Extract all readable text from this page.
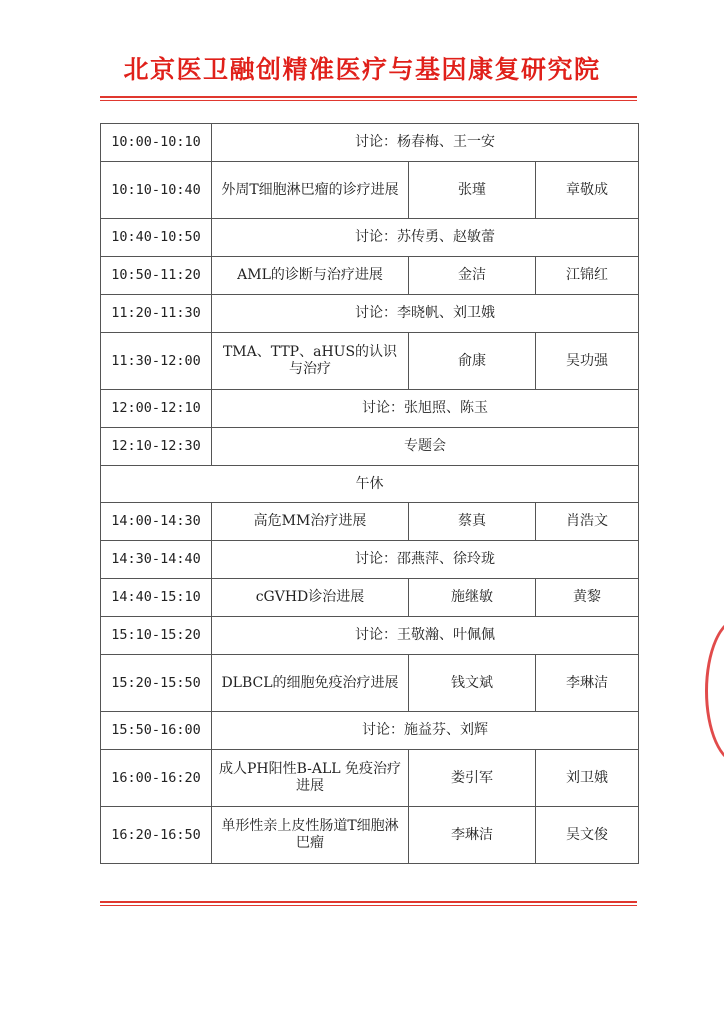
北京医卫融创精准医疗与基因康复研究院
10:00-10:10	讨论：杨春梅、王一安		
10:10-10:40	外周T细胞淋巴瘤的诊疗进展	张瑾	章敬成
10:40-10:50	讨论：苏传勇、赵敏蕾		
10:50-11:20	AML的诊断与治疗进展	金洁	江锦红
11:20-11:30	讨论：李晓帆、刘卫娥		
11:30-12:00	TMA、TTP、aHUS的认识与治疗	俞康	吴功强
12:00-12:10	讨论：张旭照、陈玉		
12:10-12:30	专题会		
午休			
14:00-14:30	高危MM治疗进展	蔡真	肖浩文
14:30-14:40	讨论：邵燕萍、徐玲珑		
14:40-15:10	cGVHD诊治进展	施继敏	黄黎
15:10-15:20	讨论：王敬瀚、叶佩佩		
15:20-15:50	DLBCL的细胞免疫治疗进展	钱文斌	李琳洁
15:50-16:00	讨论：施益芬、刘辉		
16:00-16:20	成人PH阳性B-ALL 免疫治疗进展	娄引军	刘卫娥
16:20-16:50	单形性亲上皮性肠道T细胞淋巴瘤	李琳洁	吴文俊
